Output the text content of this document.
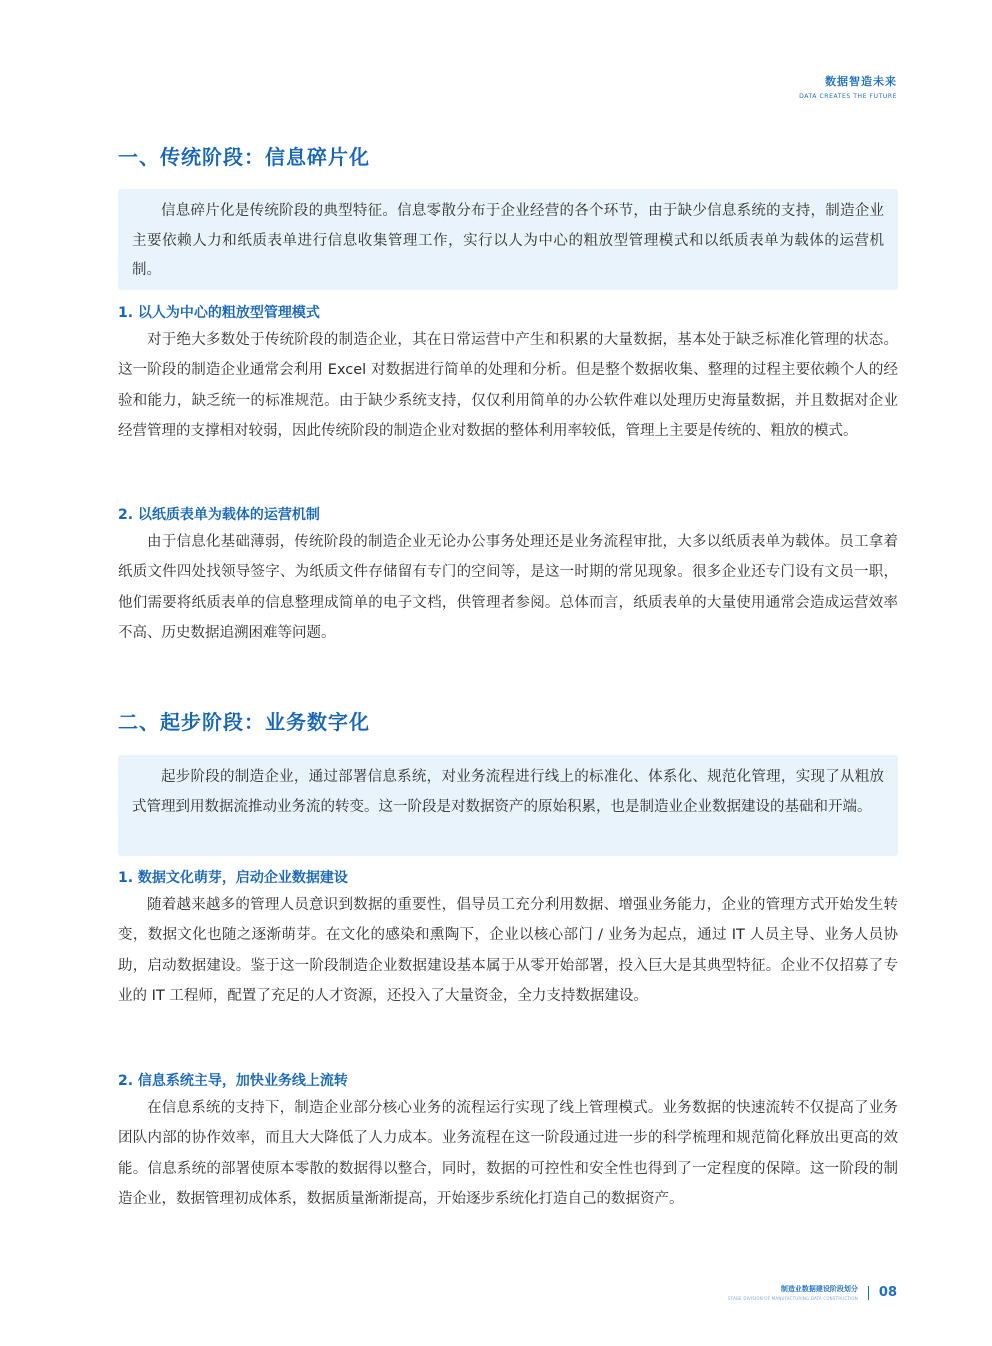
数据智造未来
DATA CREATES THE FUTURE
一、传统阶段：信息碎片化

信息碎片化是传统阶段的典型特征。信息零散分布于企业经营的各个环节，由于缺少信息系统的支持，制造企业主要依赖人力和纸质表单进行信息收集管理工作，实行以人为中心的粗放型管理模式和以纸质表单为载体的运营机制。

1. 以人为中心的粗放型管理模式

对于绝大多数处于传统阶段的制造企业，其在日常运营中产生和积累的大量数据，基本处于缺乏标准化管理的状态。这一阶段的制造企业通常会利用 Excel 对数据进行简单的处理和分析。但是整个数据收集、整理的过程主要依赖个人的经验和能力，缺乏统一的标准规范。由于缺少系统支持，仅仅利用简单的办公软件难以处理历史海量数据，并且数据对企业经营管理的支撑相对较弱，因此传统阶段的制造企业对数据的整体利用率较低，管理上主要是传统的、粗放的模式。

2. 以纸质表单为载体的运营机制

由于信息化基础薄弱，传统阶段的制造企业无论办公事务处理还是业务流程审批，大多以纸质表单为载体。员工拿着纸质文件四处找领导签字、为纸质文件存储留有专门的空间等，是这一时期的常见现象。很多企业还专门设有文员一职，他们需要将纸质表单的信息整理成简单的电子文档，供管理者参阅。总体而言，纸质表单的大量使用通常会造成运营效率不高、历史数据追溯困难等问题。

二、起步阶段：业务数字化

起步阶段的制造企业，通过部署信息系统，对业务流程进行线上的标准化、体系化、规范化管理，实现了从粗放式管理到用数据流推动业务流的转变。这一阶段是对数据资产的原始积累，也是制造业企业数据建设的基础和开端。

1. 数据文化萌芽，启动企业数据建设

随着越来越多的管理人员意识到数据的重要性，倡导员工充分利用数据、增强业务能力，企业的管理方式开始发生转变，数据文化也随之逐渐萌芽。在文化的感染和熏陶下，企业以核心部门 / 业务为起点，通过 IT 人员主导、业务人员协助，启动数据建设。鉴于这一阶段制造企业数据建设基本属于从零开始部署，投入巨大是其典型特征。企业不仅招募了专业的 IT 工程师，配置了充足的人才资源，还投入了大量资金，全力支持数据建设。

2. 信息系统主导，加快业务线上流转

在信息系统的支持下，制造企业部分核心业务的流程运行实现了线上管理模式。业务数据的快速流转不仅提高了业务团队内部的协作效率，而且大大降低了人力成本。业务流程在这一阶段通过进一步的科学梳理和规范简化释放出更高的效能。信息系统的部署使原本零散的数据得以整合，同时，数据的可控性和安全性也得到了一定程度的保障。这一阶段的制造企业，数据管理初成体系，数据质量渐渐提高，开始逐步系统化打造自己的数据资产。

制造业数据建设阶段划分
STAGE DIVISION OF MANUFACTURING DATA CONSTRUCTION 08
